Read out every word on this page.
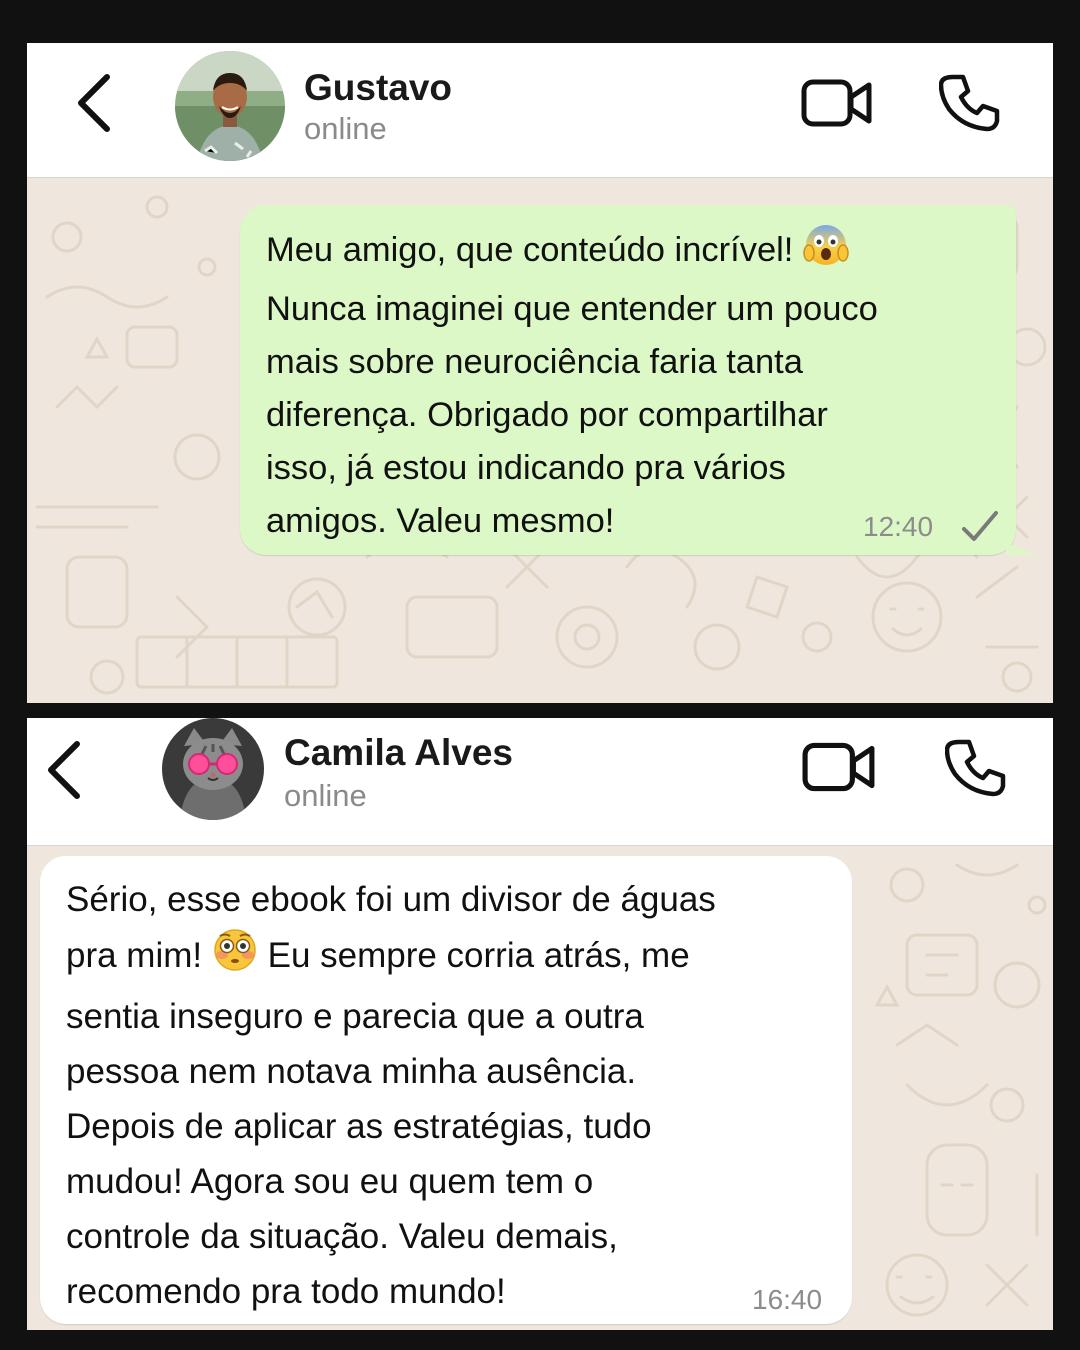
Gustavo
online
Meu amigo, que conteúdo incrível!
Nunca imaginei que entender um pouco
mais sobre neurociência faria tanta
diferença. Obrigado por compartilhar
isso, já estou indicando pra vários
amigos. Valeu mesmo!	12:40
Camila Alves
online
Sério, esse ebook foi um divisor de águas
pra mim! Eu sempre corria atrás, me
sentia inseguro e parecia que a outra
pessoa nem notava minha ausência.
Depois de aplicar as estratégias, tudo
mudou! Agora sou eu quem tem o
controle da situação. Valeu demais,
recomendo pra todo mundo!	16:40
